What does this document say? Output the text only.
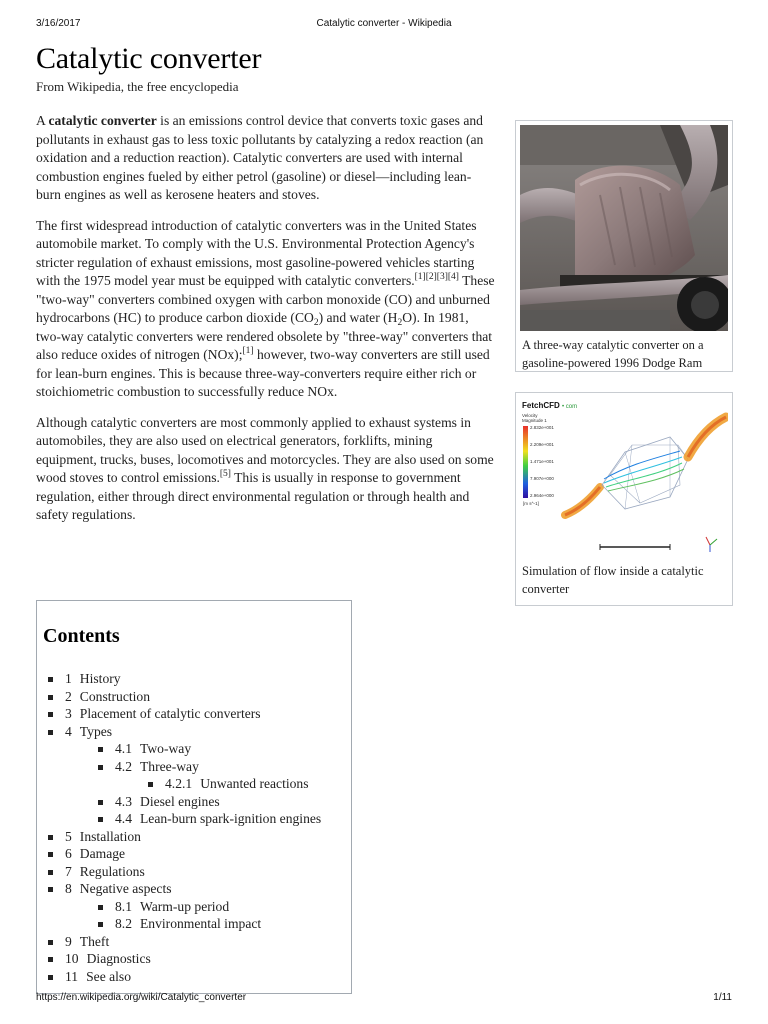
3/16/2017	Catalytic converter - Wikipedia
Catalytic converter
From Wikipedia, the free encyclopedia

A catalytic converter is an emissions control device that converts toxic gases and pollutants in exhaust gas to less toxic pollutants by catalyzing a redox reaction (an oxidation and a reduction reaction). Catalytic converters are used with internal combustion engines fueled by either petrol (gasoline) or diesel—including lean-burn engines as well as kerosene heaters and stoves.

The first widespread introduction of catalytic converters was in the United States automobile market. To comply with the U.S. Environmental Protection Agency's stricter regulation of exhaust emissions, most gasoline-powered vehicles starting with the 1975 model year must be equipped with catalytic converters.[1][2][3][4] These "two-way" converters combined oxygen with carbon monoxide (CO) and unburned hydrocarbons (HC) to produce carbon dioxide $(CO_2)$ and water $(H_2O)$. In 1981, two-way catalytic converters were rendered obsolete by "three-way" converters that also reduce oxides of nitrogen (NOx);[1] however, two-way converters are still used for lean-burn engines. This is because three-way-converters require either rich or stoichiometric combustion to successfully reduce NOx.

Although catalytic converters are most commonly applied to exhaust systems in automobiles, they are also used on electrical generators, forklifts, mining equipment, trucks, buses, locomotives and motorcycles. They are also used on some wood stoves to control emissions.[5] This is usually in response to government regulation, either through direct environmental regulation or through health and safety regulations.

A three-way catalytic converter on a gasoline-powered 1996 Dodge Ram
FetchCFD • com
Velocity
Magnitude 1
2.832e+001
2.209e+001
1.471e+001
7.907e+000
2.964e+000
[m s^-1]
Simulation of flow inside a catalytic converter
Contents
1 History
2 Construction
3 Placement of catalytic converters
4 Types
4.1 Two-way
4.2 Three-way
4.2.1 Unwanted reactions
4.3 Diesel engines
4.4 Lean-burn spark-ignition engines
5 Installation
6 Damage
7 Regulations
8 Negative aspects
8.1 Warm-up period
8.2 Environmental impact
9 Theft
10 Diagnostics
11 See also
https://en.wikipedia.org/wiki/Catalytic_converter	1/11
